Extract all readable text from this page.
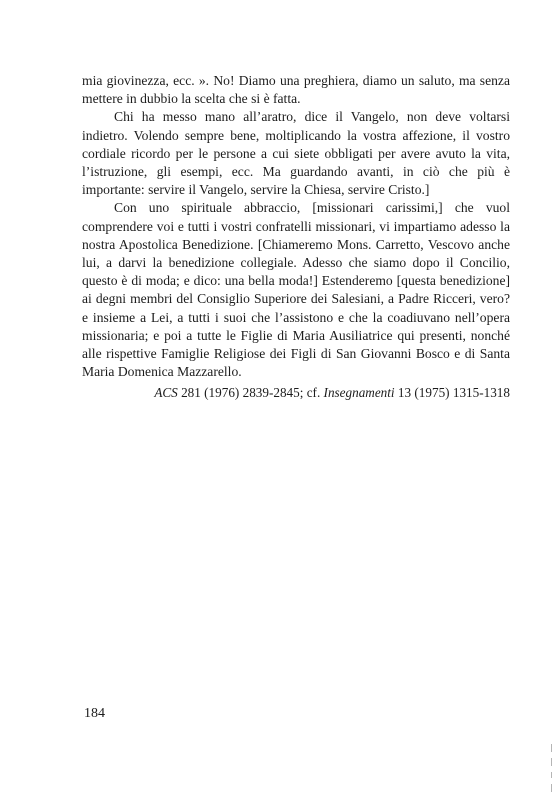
mia giovinezza, ecc. ». No! Diamo una preghiera, diamo un saluto, ma senza mettere in dubbio la scelta che si è fatta.

Chi ha messo mano all’aratro, dice il Vangelo, non deve voltarsi indietro. Volendo sempre bene, moltiplicando la vostra affezione, il vostro cordiale ricordo per le persone a cui siete obbligati per avere avuto la vita, l’istruzione, gli esempi, ecc. Ma guardando avanti, in ciò che più è importante: servire il Vangelo, servire la Chiesa, servire Cristo.]

Con uno spirituale abbraccio, [missionari carissimi,] che vuol comprendere voi e tutti i vostri confratelli missionari, vi impartiamo adesso la nostra Apostolica Benedizione. [Chiameremo Mons. Carretto, Vescovo anche lui, a darvi la benedizione collegiale. Adesso che siamo dopo il Concilio, questo è di moda; e dico: una bella moda!] Estenderemo [questa benedizione] ai degni membri del Consiglio Superiore dei Salesiani, a Padre Ricceri, vero? e insieme a Lei, a tutti i suoi che l’assistono e che la coadiuvano nell’opera missionaria; e poi a tutte le Figlie di Maria Ausiliatrice qui presenti, nonché alle rispettive Famiglie Religiose dei Figli di San Giovanni Bosco e di Santa Maria Domenica Mazzarello.

ACS 281 (1976) 2839-2845; cf. Insegnamenti 13 (1975) 1315-1318

184
